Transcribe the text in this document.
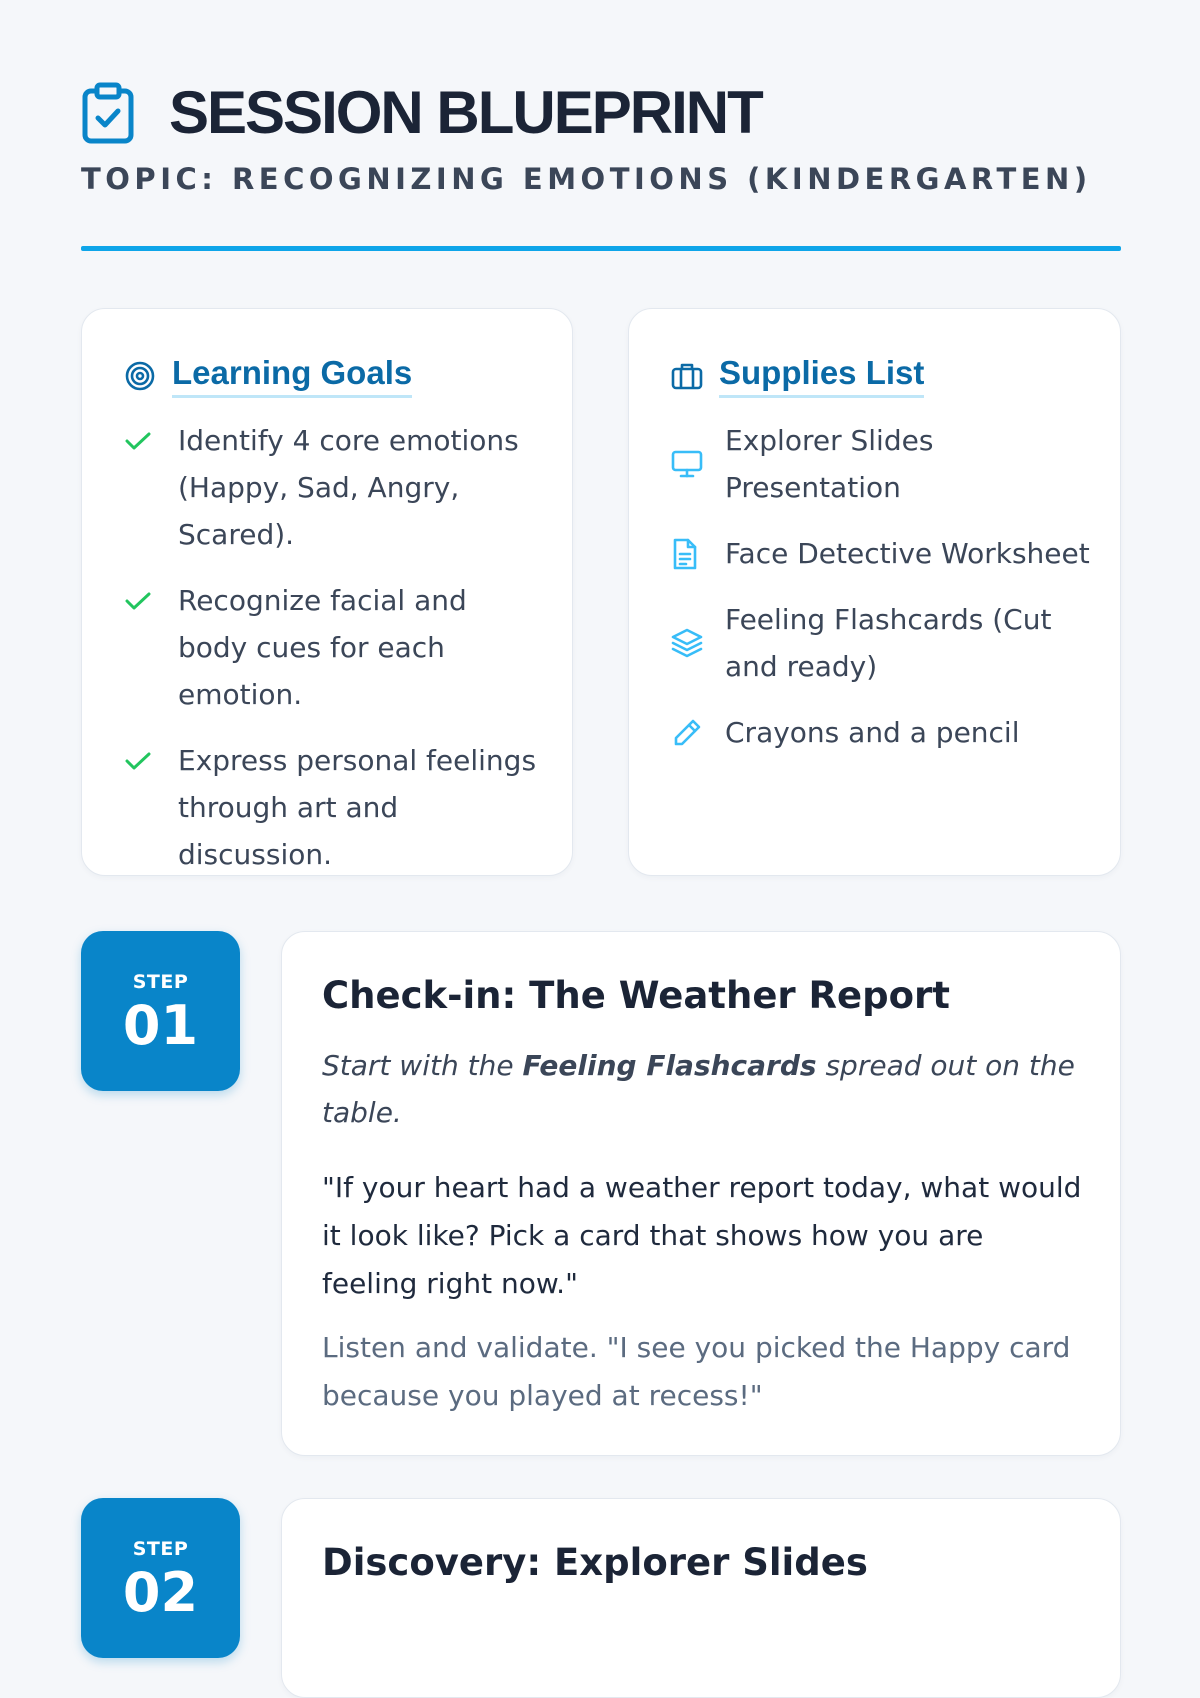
SESSION BLUEPRINT
TOPIC: RECOGNIZING EMOTIONS (KINDERGARTEN)
Learning Goals
Identify 4 core emotions (Happy, Sad, Angry, Scared).
Recognize facial and body cues for each emotion.
Express personal feelings through art and discussion.
Supplies List
Explorer Slides Presentation
Face Detective Worksheet
Feeling Flashcards (Cut and ready)
Crayons and a pencil
STEP
01	Check-in: The Weather Report
Start with the Feeling Flashcards spread out on the table.
"If your heart had a weather report today, what would it look like? Pick a card that shows how you are feeling right now."
Listen and validate. "I see you picked the Happy card because you played at recess!"
STEP
02	Discovery: Explorer Slides
